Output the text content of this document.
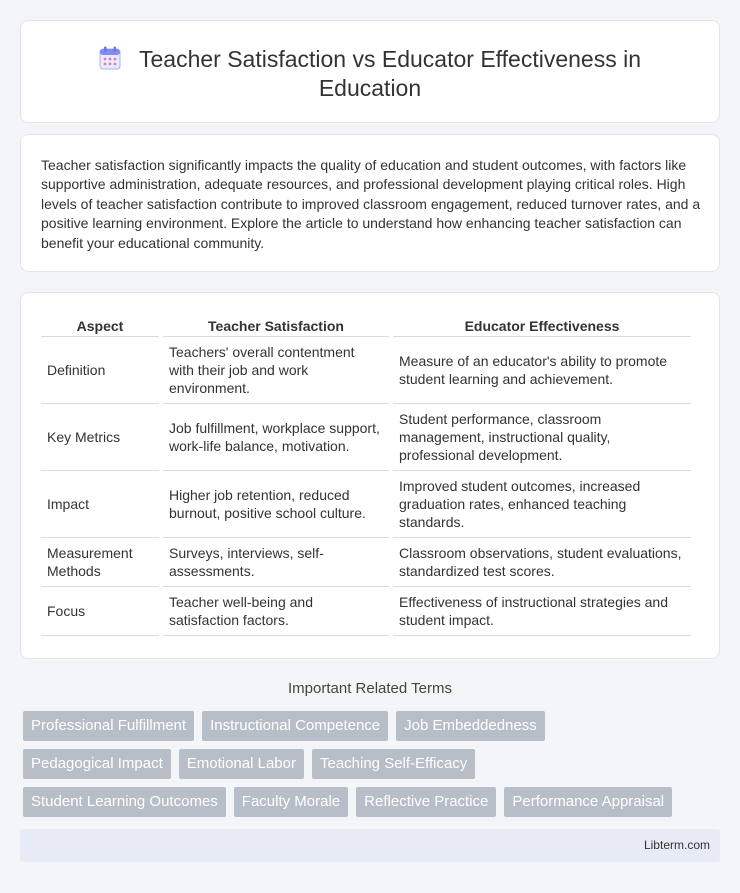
Teacher Satisfaction vs Educator Effectiveness in
Education

Teacher satisfaction significantly impacts the quality of education and student outcomes, with factors like supportive administration, adequate resources, and professional development playing critical roles. High levels of teacher satisfaction contribute to improved classroom engagement, reduced turnover rates, and a positive learning environment. Explore the article to understand how enhancing teacher satisfaction can benefit your educational community.

Aspect	Teacher Satisfaction	Educator Effectiveness
Definition	Teachers' overall contentment with their job and work environment.	Measure of an educator's ability to promote student learning and achievement.
Key Metrics	Job fulfillment, workplace support, work-life balance, motivation.	Student performance, classroom management, instructional quality, professional development.
Impact	Higher job retention, reduced burnout, positive school culture.	Improved student outcomes, increased graduation rates, enhanced teaching standards.
Measurement Methods	Surveys, interviews, self-assessments.	Classroom observations, student evaluations, standardized test scores.
Focus	Teacher well-being and satisfaction factors.	Effectiveness of instructional strategies and student impact.
Important Related Terms
Professional Fulfillment	Instructional Competence	Job Embeddedness
Pedagogical Impact	Emotional Labor	Teaching Self-Efficacy
Student Learning Outcomes	Faculty Morale	Reflective Practice	Performance Appraisal
Libterm.com
